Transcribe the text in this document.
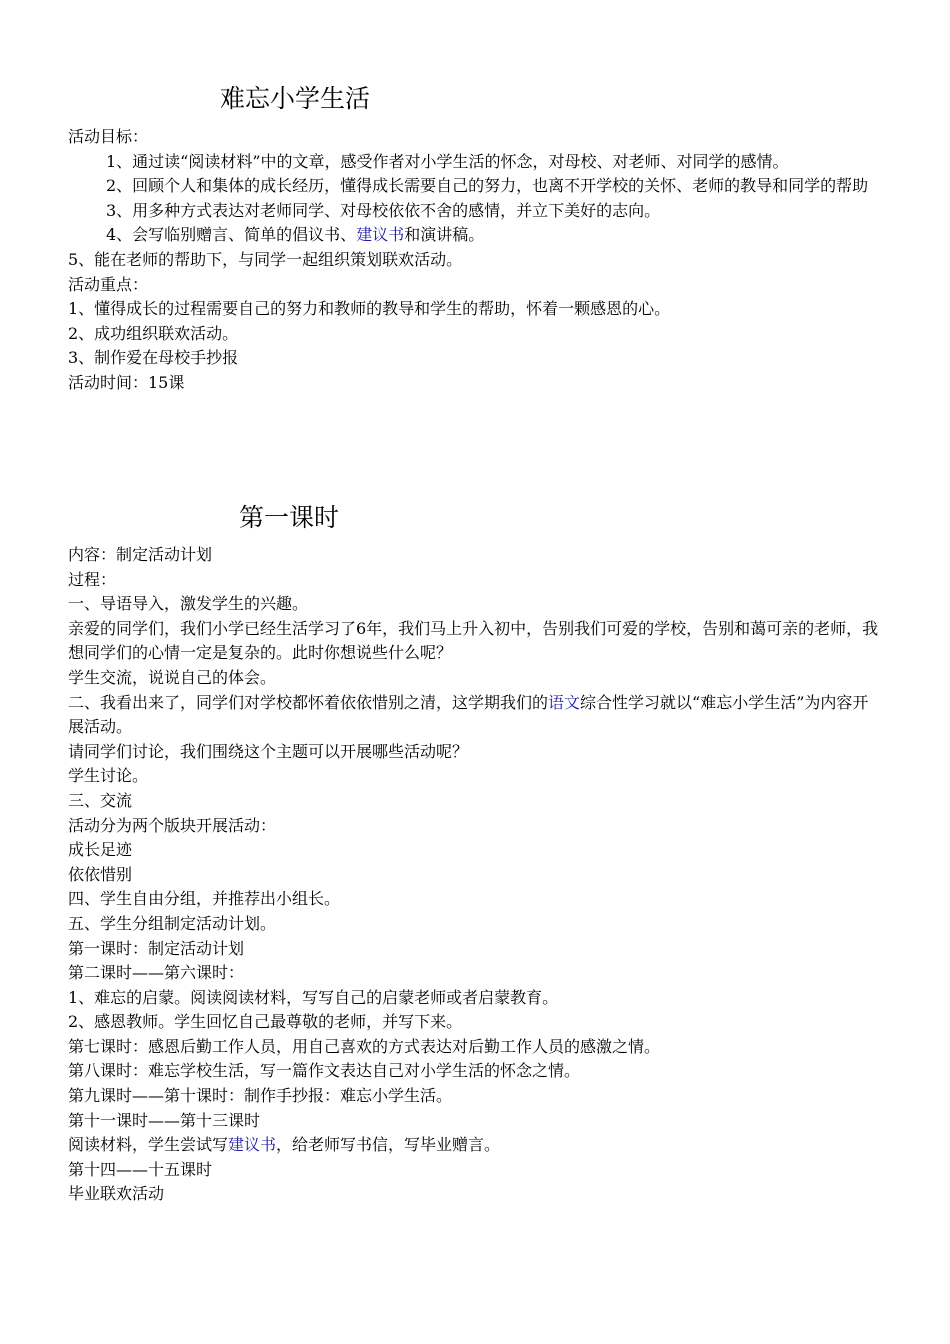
难忘小学生活
活动目标：
1、通过读“阅读材料”中的文章，感受作者对小学生活的怀念，对母校、对老师、对同学的感情。
2、回顾个人和集体的成长经历，懂得成长需要自己的努力，也离不开学校的关怀、老师的教导和同学的帮助
3、用多种方式表达对老师同学、对母校依依不舍的感情，并立下美好的志向。
4、会写临别赠言、简单的倡议书、建议书和演讲稿。
5、能在老师的帮助下，与同学一起组织策划联欢活动。
活动重点：
1、懂得成长的过程需要自己的努力和教师的教导和学生的帮助，怀着一颗感恩的心。
2、成功组织联欢活动。
3、制作爱在母校手抄报
活动时间：15课
第一课时
内容：制定活动计划
过程：
一、导语导入，激发学生的兴趣。
亲爱的同学们，我们小学已经生活学习了6年，我们马上升入初中，告别我们可爱的学校，告别和蔼可亲的老师，我想同学们的心情一定是复杂的。此时你想说些什么呢？
学生交流，说说自己的体会。
二、我看出来了，同学们对学校都怀着依依惜别之清，这学期我们的语文综合性学习就以“难忘小学生活”为内容开展活动。
请同学们讨论，我们围绕这个主题可以开展哪些活动呢？
学生讨论。
三、交流
活动分为两个版块开展活动：
成长足迹
依依惜别
四、学生自由分组，并推荐出小组长。
五、学生分组制定活动计划。
第一课时：制定活动计划
第二课时——第六课时：
1、难忘的启蒙。阅读阅读材料，写写自己的启蒙老师或者启蒙教育。
2、感恩教师。学生回忆自己最尊敬的老师，并写下来。
第七课时：感恩后勤工作人员，用自己喜欢的方式表达对后勤工作人员的感激之情。
第八课时：难忘学校生活，写一篇作文表达自己对小学生活的怀念之情。
第九课时——第十课时：制作手抄报：难忘小学生活。
第十一课时——第十三课时
阅读材料，学生尝试写建议书，给老师写书信，写毕业赠言。
第十四——十五课时
毕业联欢活动
